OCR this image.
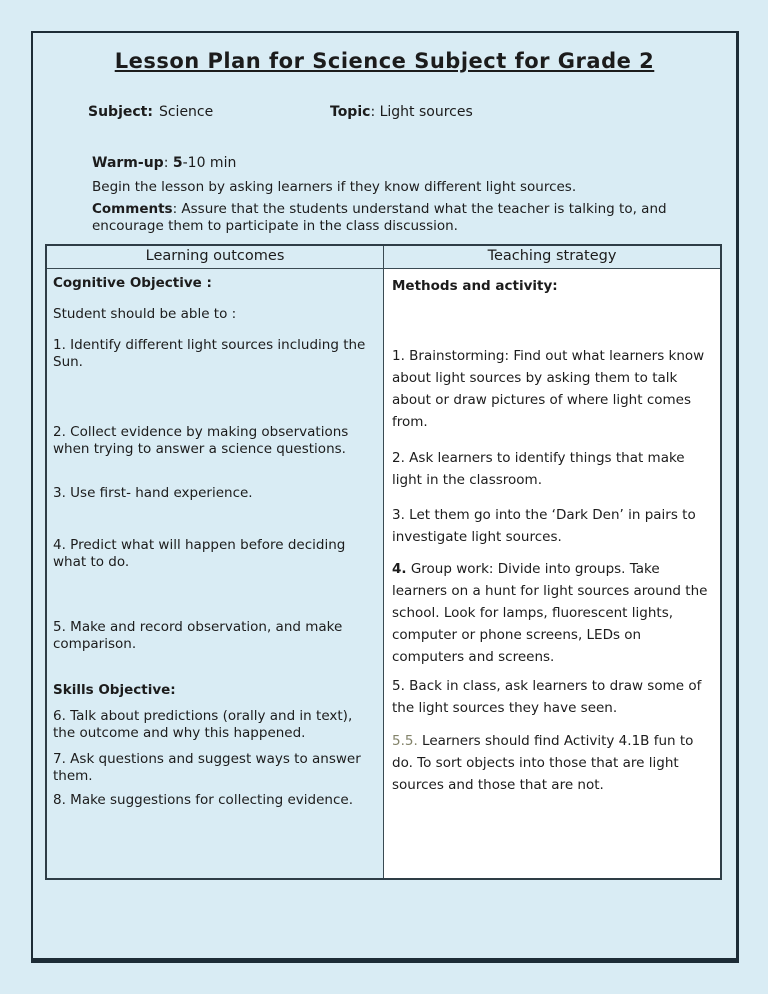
Lesson Plan for Science Subject for Grade 2
Subject: Science	Topic: Light sources
Warm-up: 5-10 min

Begin the lesson by asking learners if they know different light sources.

Comments: Assure that the students understand what the teacher is talking to, and encourage them to participate in the class discussion.

Learning outcomes	Teaching strategy

Cognitive Objective :

Student should be able to :

1. Identify different light sources including the Sun.

2. Collect evidence by making observations when trying to answer a science questions.

3. Use first- hand experience.

4. Predict what will happen before deciding what to do.

5. Make and record observation, and make comparison.

Skills Objective:

6. Talk about predictions (orally and in text), the outcome and why this happened.

7. Ask questions and suggest ways to answer them.

8. Make suggestions for collecting evidence.

Methods and activity:

1. Brainstorming: Find out what learners know about light sources by asking them to talk about or draw pictures of where light comes from.

2. Ask learners to identify things that make light in the classroom.

3. Let them go into the ‘Dark Den’ in pairs to investigate light sources.

4. Group work: Divide into groups. Take learners on a hunt for light sources around the school. Look for lamps, fluorescent lights, computer or phone screens, LEDs on computers and screens.

5. Back in class, ask learners to draw some of the light sources they have seen.

5.5. Learners should find Activity 4.1B fun to do. To sort objects into those that are light sources and those that are not.
